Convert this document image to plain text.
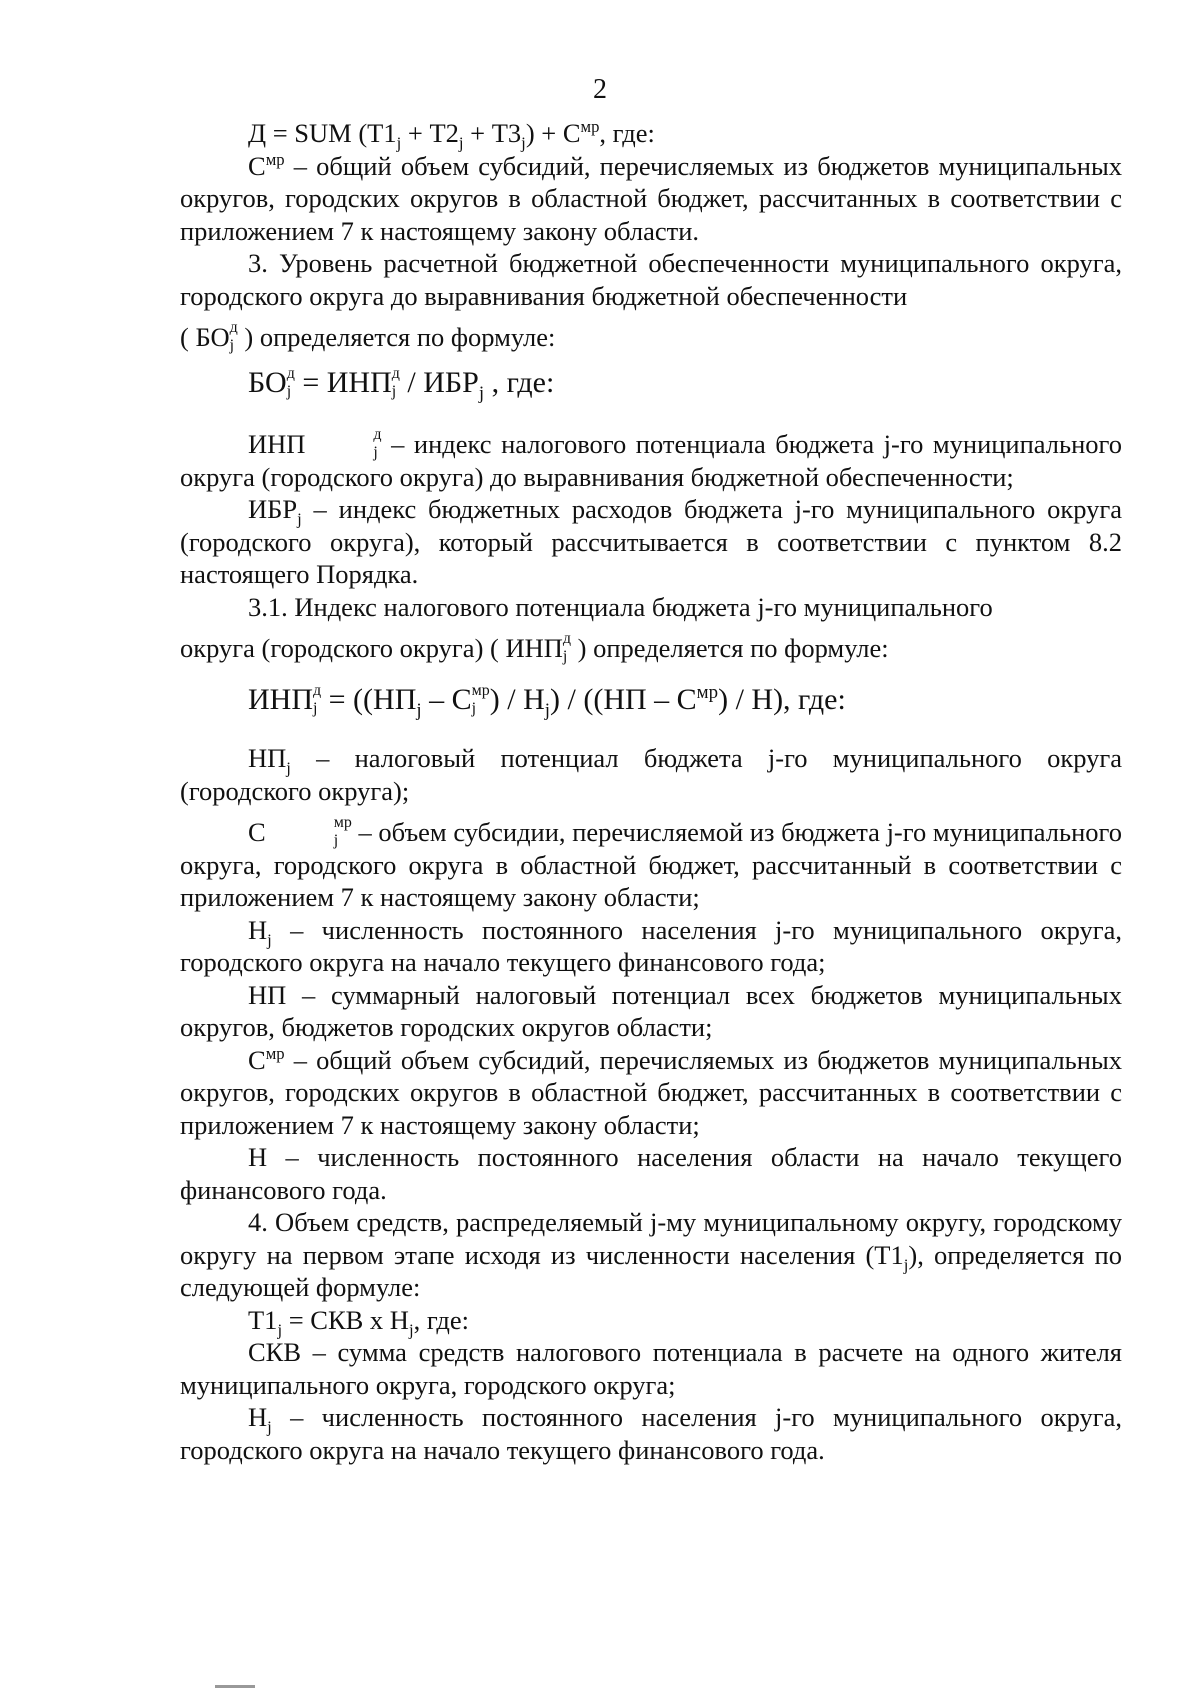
2

Д = SUM $(Т1_j + Т2_j + Т3_j) + С^{мр}$, где:

$С^{мр}$ – общий объем субсидий, перечисляемых из бюджетов муниципальных округов, городских округов в областной бюджет, рассчитанных в соответствии с приложением 7 к настоящему закону области.

3. Уровень расчетной бюджетной обеспеченности муниципального округа, городского округа до выравнивания бюджетной обеспеченности

( БО д
j ) определяется по формуле:

БО д
j = ИНП д
j / $ИБР_j$ , где:

ИНП	д
j – индекс налогового потенциала бюджета j-го муниципального округа (городского округа) до выравнивания бюджетной обеспеченности;

$ИБР_j$ – индекс бюджетных расходов бюджета j-го муниципального округа (городского округа), который рассчитывается в соответствии с пунктом 8.2 настоящего Порядка.

3.1. Индекс налогового потенциала бюджета j-го муниципального

округа (городского округа) ( ИНП д
j ) определяется по формуле:

ИНП д
$j = ((НП_j - C$ мр
j ) / $Н_j) / ((НП - С^{мр}) / Н)$, где:

$НП_j$ – налоговый потенциал бюджета j-го муниципального округа (городского округа);

C	мр
j – объем субсидии, перечисляемой из бюджета j-го муниципального округа, городского округа в областной бюджет, рассчитанный в соответствии с приложением 7 к настоящему закону области;

$Н_j$ – численность постоянного населения j-го муниципального округа, городского округа на начало текущего финансового года;

НП – суммарный налоговый потенциал всех бюджетов муниципальных округов, бюджетов городских округов области;

$С^{мр}$ – общий объем субсидий, перечисляемых из бюджетов муниципальных округов, городских округов в областной бюджет, рассчитанных в соответствии с приложением 7 к настоящему закону области;

Н – численность постоянного населения области на начало текущего финансового года.

4. Объем средств, распределяемый j-му муниципальному округу, городскому округу на первом этапе исходя из численности населения $(Т1_j)$, определяется по следующей формуле:

$Т1_j$ = СКВ х $Н_j$, где:

СКВ – сумма средств налогового потенциала в расчете на одного жителя муниципального округа, городского округа;

$Н_j$ – численность постоянного населения j-го муниципального округа, городского округа на начало текущего финансового года.
